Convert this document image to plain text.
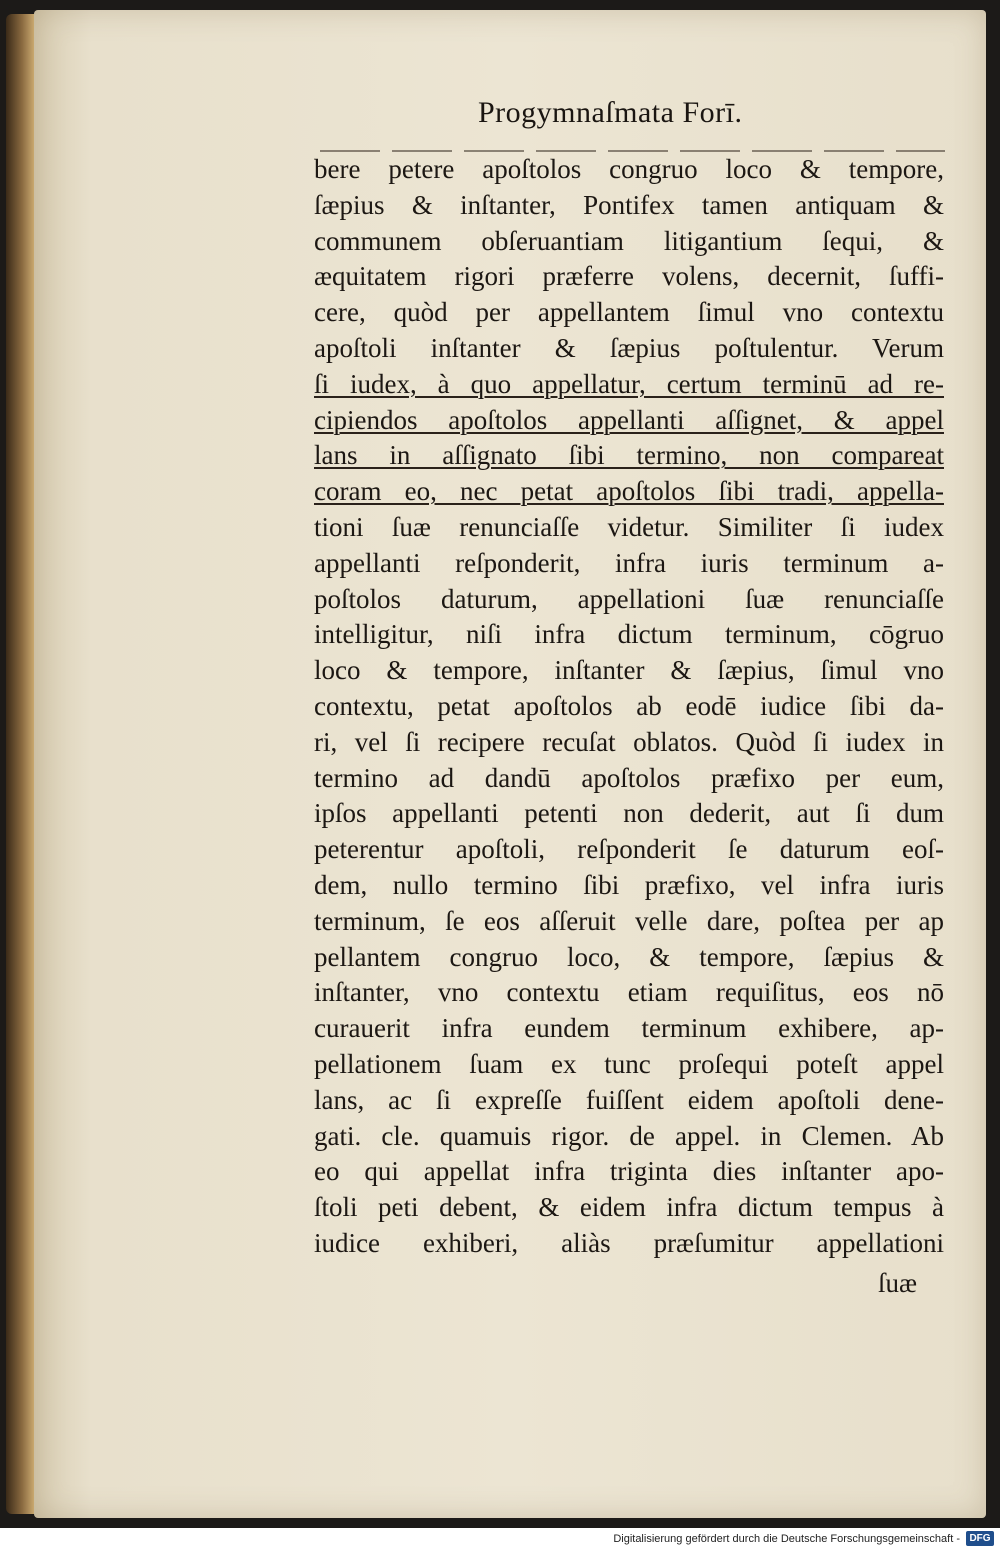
Progymnaſmata Forī.
bere petere apoſtolos congruo loco & tempore,
ſæpius & inſtanter, Pontifex tamen antiquam &
communem obſeruantiam litigantium ſequi, &
æquitatem rigori præferre volens, decernit, ſuffi-
cere, quòd per appellantem ſimul vno contextu
apoſtoli inſtanter & ſæpius poſtulentur. Verum
ſi iudex, à quo appellatur, certum terminū ad re-
cipiendos apoſtolos appellanti aſſignet, & appel
lans in aſſignato ſibi termino, non compareat
coram eo, nec petat apoſtolos ſibi tradi, appella-
tioni ſuæ renunciaſſe videtur. Similiter ſi iudex
appellanti reſponderit, infra iuris terminum a-
poſtolos daturum, appellationi ſuæ renunciaſſe
intelligitur, niſi infra dictum terminum, cōgruo
loco & tempore, inſtanter & ſæpius, ſimul vno
contextu, petat apoſtolos ab eodē iudice ſibi da-
ri, vel ſi recipere recuſat oblatos. Quòd ſi iudex in
termino ad dandū apoſtolos præfixo per eum,
ipſos appellanti petenti non dederit, aut ſi dum
peterentur apoſtoli, reſponderit ſe daturum eoſ-
dem, nullo termino ſibi præfixo, vel infra iuris
terminum, ſe eos aſſeruit velle dare, poſtea per ap
pellantem congruo loco, & tempore, ſæpius &
inſtanter, vno contextu etiam requiſitus, eos nō
curauerit infra eundem terminum exhibere, ap-
pellationem ſuam ex tunc proſequi poteſt appel
lans, ac ſi expreſſe fuiſſent eidem apoſtoli dene-
gati. cle. quamuis rigor. de appel. in Clemen. Ab
eo qui appellat infra triginta dies inſtanter apo-
ſtoli peti debent, & eidem infra dictum tempus à
iudice exhiberi, aliàs præſumitur appellationi
ſuæ
Digitalisierung gefördert durch die Deutsche Forschungsgemeinschaft - DFG
